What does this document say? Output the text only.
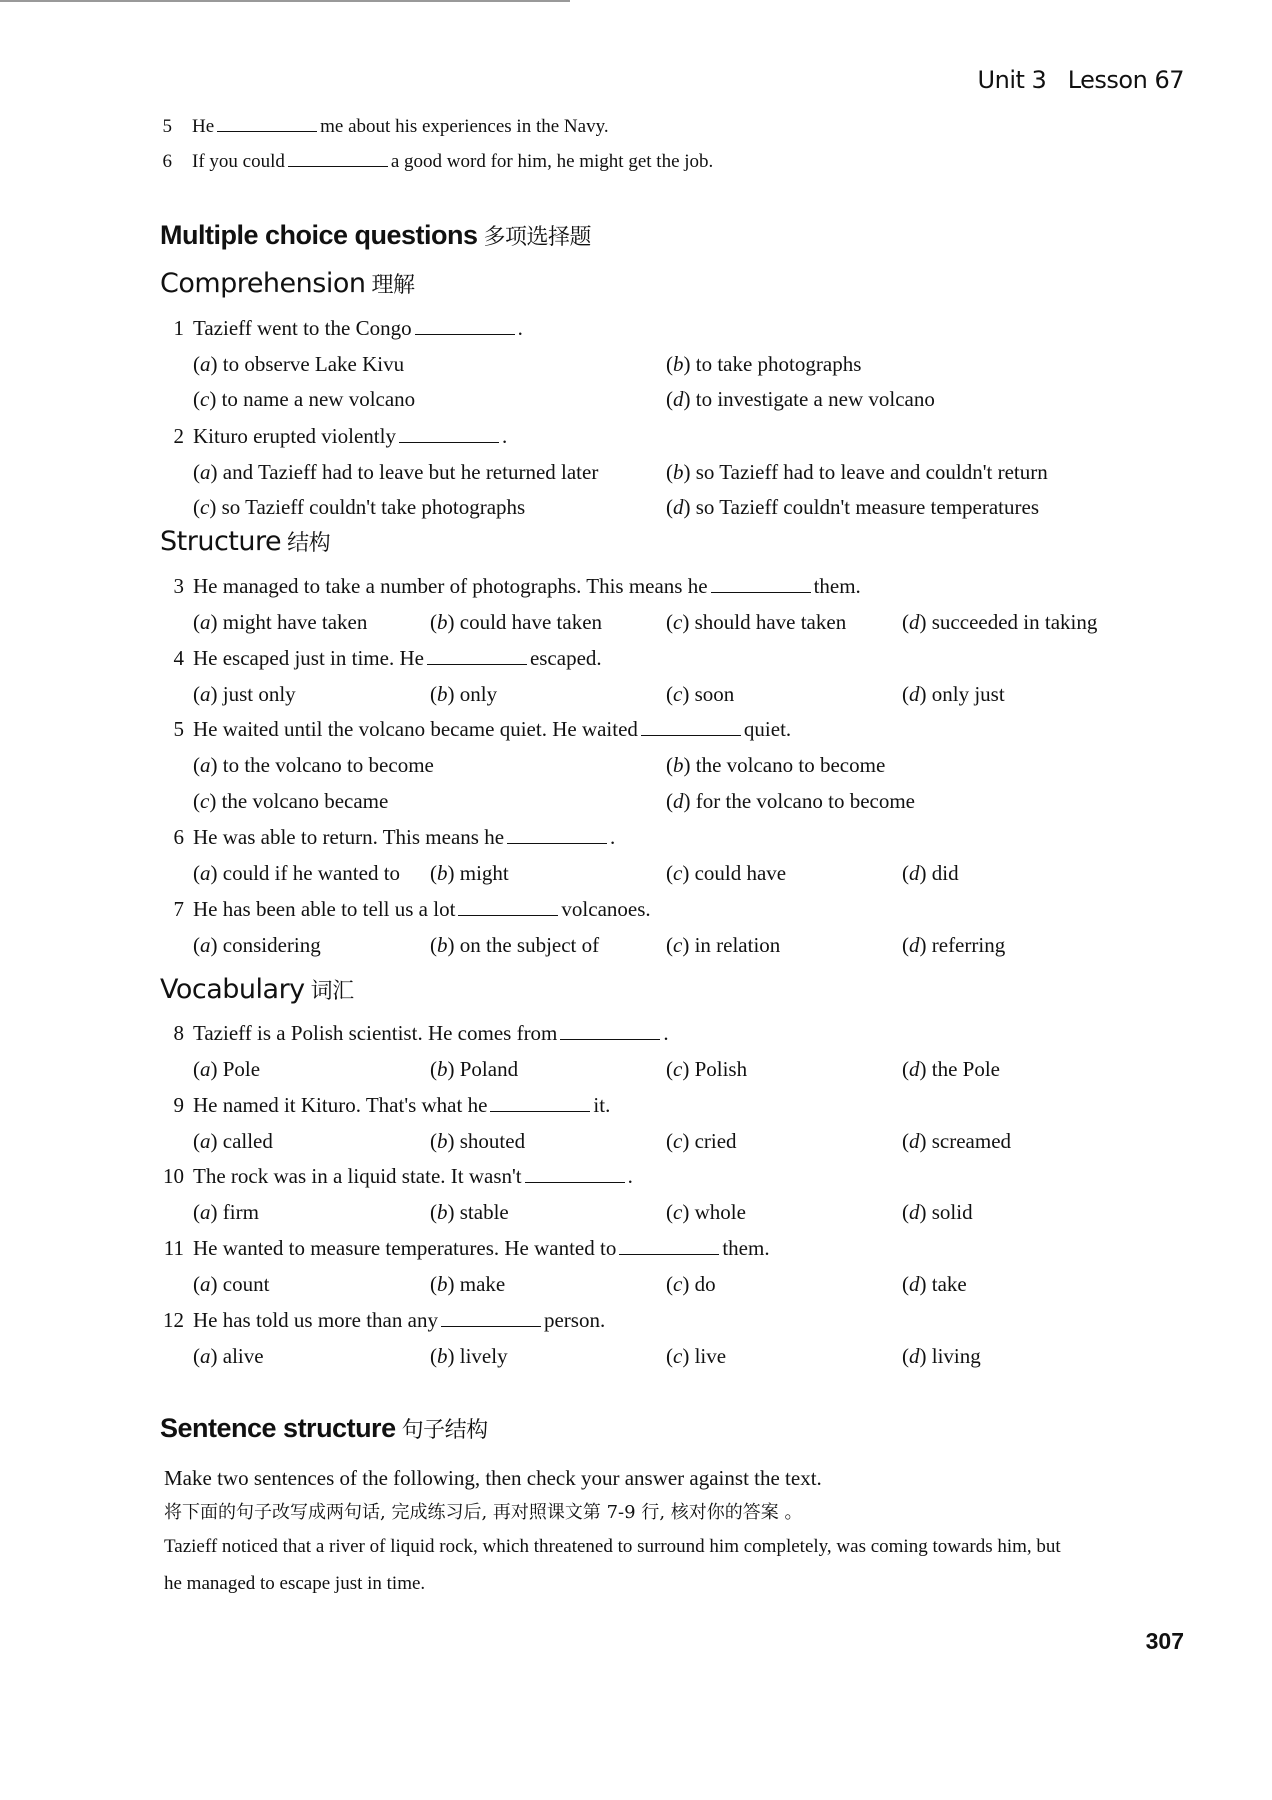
Unit 3 Lesson 67
5 He	me about his experiences in the Navy.
6 If you could	a good word for him, he might get the job.
Multiple choice questions 多项选择题
Comprehension 理解
1 Tazieff went to the Congo	.
(a) to observe Lake Kivu	(b) to take photographs
(c) to name a new volcano	(d) to investigate a new volcano
2 Kituro erupted violently	.
(a) and Tazieff had to leave but he returned later	(b) so Tazieff had to leave and couldn't return
(c) so Tazieff couldn't take photographs	(d) so Tazieff couldn't measure temperatures
Structure 结构
3 He managed to take a number of photographs. This means he	them.
(a) might have taken	(b) could have taken	(c) should have taken	(d) succeeded in taking
4 He escaped just in time. He	escaped.
(a) just only	(b) only	(c) soon	(d) only just
5 He waited until the volcano became quiet. He waited	quiet.
(a) to the volcano to become	(b) the volcano to become
(c) the volcano became	(d) for the volcano to become
6 He was able to return. This means he	.
(a) could if he wanted to (b) might	(c) could have	(d) did
7 He has been able to tell us a lot	volcanoes.
(a) considering	(b) on the subject of	(c) in relation	(d) referring
Vocabulary 词汇
8 Tazieff is a Polish scientist. He comes from	.
(a) Pole	(b) Poland	(c) Polish	(d) the Pole
9 He named it Kituro. That's what he	it.
(a) called	(b) shouted	(c) cried	(d) screamed
10 The rock was in a liquid state. It wasn't	.
(a) firm	(b) stable	(c) whole	(d) solid
11 He wanted to measure temperatures. He wanted to	them.
(a) count	(b) make	(c) do	(d) take
12 He has told us more than any	person.
(a) alive	(b) lively	(c) live	(d) living
Sentence structure 句子结构
Make two sentences of the following, then check your answer against the text.
将下面的句子改写成两句话, 完成练习后, 再对照课文第 7-9 行, 核对你的答案 。
Tazieff noticed that a river of liquid rock, which threatened to surround him completely, was coming towards him, but
he managed to escape just in time.
307
